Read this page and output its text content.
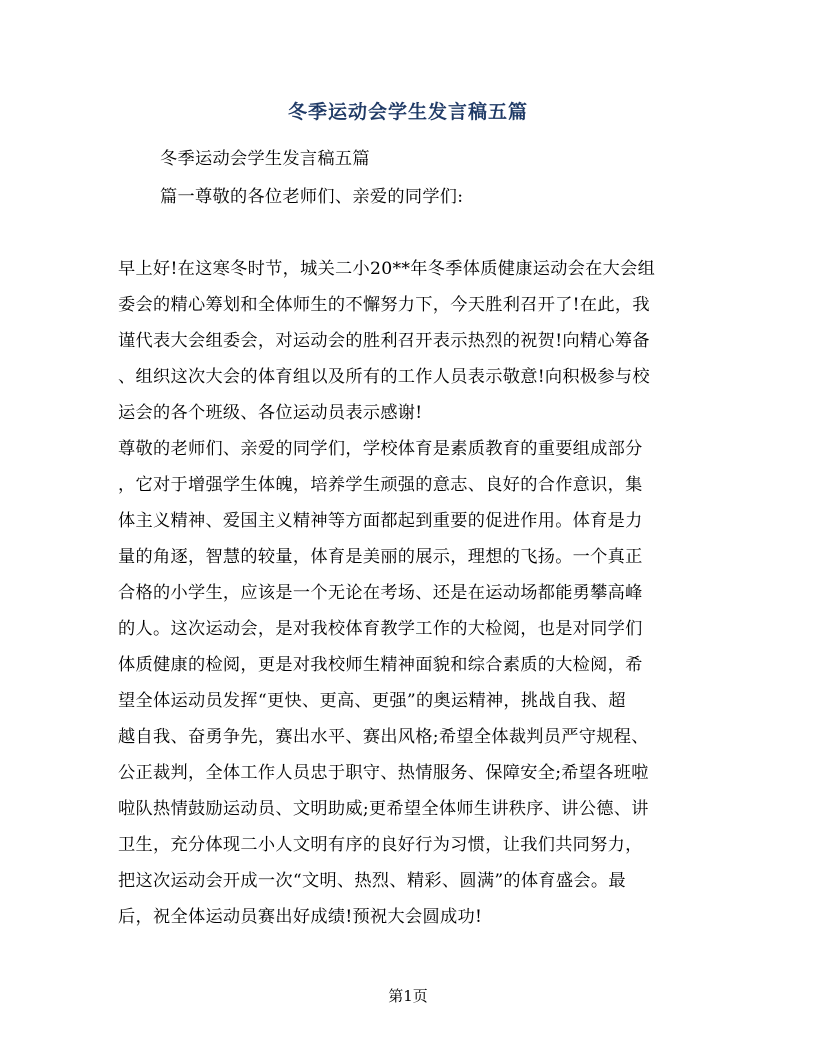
冬季运动会学生发言稿五篇
冬季运动会学生发言稿五篇
篇一尊敬的各位老师们、亲爱的同学们:
早上好!在这寒冬时节，城关二小20**年冬季体质健康运动会在大会组
委会的精心筹划和全体师生的不懈努力下，今天胜利召开了!在此，我
谨代表大会组委会，对运动会的胜利召开表示热烈的祝贺!向精心筹备
、组织这次大会的体育组以及所有的工作人员表示敬意!向积极参与校
运会的各个班级、各位运动员表示感谢!
尊敬的老师们、亲爱的同学们，学校体育是素质教育的重要组成部分
，它对于增强学生体魄，培养学生顽强的意志、良好的合作意识，集
体主义精神、爱国主义精神等方面都起到重要的促进作用。体育是力
量的角逐，智慧的较量，体育是美丽的展示，理想的飞扬。一个真正
合格的小学生，应该是一个无论在考场、还是在运动场都能勇攀高峰
的人。这次运动会，是对我校体育教学工作的大检阅，也是对同学们
体质健康的检阅，更是对我校师生精神面貌和综合素质的大检阅，希
望全体运动员发挥“更快、更高、更强”的奥运精神，挑战自我、超
越自我、奋勇争先，赛出水平、赛出风格;希望全体裁判员严守规程、
公正裁判，全体工作人员忠于职守、热情服务、保障安全;希望各班啦
啦队热情鼓励运动员、文明助威;更希望全体师生讲秩序、讲公德、讲
卫生，充分体现二小人文明有序的良好行为习惯，让我们共同努力，
把这次运动会开成一次“文明、热烈、精彩、圆满”的体育盛会。最
后，祝全体运动员赛出好成绩!预祝大会圆成功!
第1页
